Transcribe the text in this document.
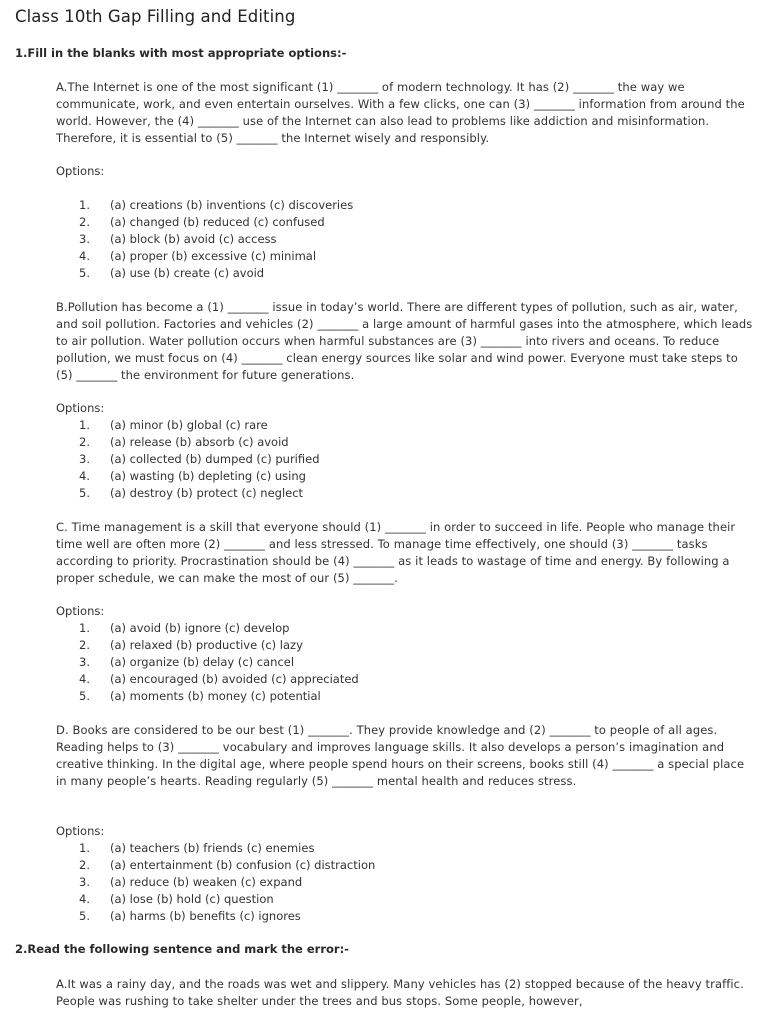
Class 10th Gap Filling and Editing

1.Fill in the blanks with most appropriate options:-

A.The Internet is one of the most significant (1) _______ of modern technology. It has (2) _______ the way we communicate, work, and even entertain ourselves. With a few clicks, one can (3) _______ information from around the world. However, the (4) _______ use of the Internet can also lead to problems like addiction and misinformation. Therefore, it is essential to (5) _______ the Internet wisely and responsibly.

Options:

1. (a) creations (b) inventions (c) discoveries
2. (a) changed (b) reduced (c) confused
3. (a) block (b) avoid (c) access
4. (a) proper (b) excessive (c) minimal
5. (a) use (b) create (c) avoid

B.Pollution has become a (1) _______ issue in today’s world. There are different types of pollution, such as air, water, and soil pollution. Factories and vehicles (2) _______ a large amount of harmful gases into the atmosphere, which leads to air pollution. Water pollution occurs when harmful substances are (3) _______ into rivers and oceans. To reduce pollution, we must focus on (4) _______ clean energy sources like solar and wind power. Everyone must take steps to (5) _______ the environment for future generations.

Options:

1. (a) minor (b) global (c) rare
2. (a) release (b) absorb (c) avoid
3. (a) collected (b) dumped (c) purified
4. (a) wasting (b) depleting (c) using
5. (a) destroy (b) protect (c) neglect

C. Time management is a skill that everyone should (1) _______ in order to succeed in life. People who manage their time well are often more (2) _______ and less stressed. To manage time effectively, one should (3) _______ tasks according to priority. Procrastination should be (4) _______ as it leads to wastage of time and energy. By following a proper schedule, we can make the most of our (5) _______.

Options:

1. (a) avoid (b) ignore (c) develop
2. (a) relaxed (b) productive (c) lazy
3. (a) organize (b) delay (c) cancel
4. (a) encouraged (b) avoided (c) appreciated
5. (a) moments (b) money (c) potential

D. Books are considered to be our best (1) _______. They provide knowledge and (2) _______ to people of all ages. Reading helps to (3) _______ vocabulary and improves language skills. It also develops a person’s imagination and creative thinking. In the digital age, where people spend hours on their screens, books still (4) _______ a special place in many people’s hearts. Reading regularly (5) _______ mental health and reduces stress.

Options:

1. (a) teachers (b) friends (c) enemies
2. (a) entertainment (b) confusion (c) distraction
3. (a) reduce (b) weaken (c) expand
4. (a) lose (b) hold (c) question
5. (a) harms (b) benefits (c) ignores

2.Read the following sentence and mark the error:-

A.It was a rainy day, and the roads was wet and slippery. Many vehicles has (2) stopped because of the heavy traffic. People was rushing to take shelter under the trees and bus stops. Some people, however,
